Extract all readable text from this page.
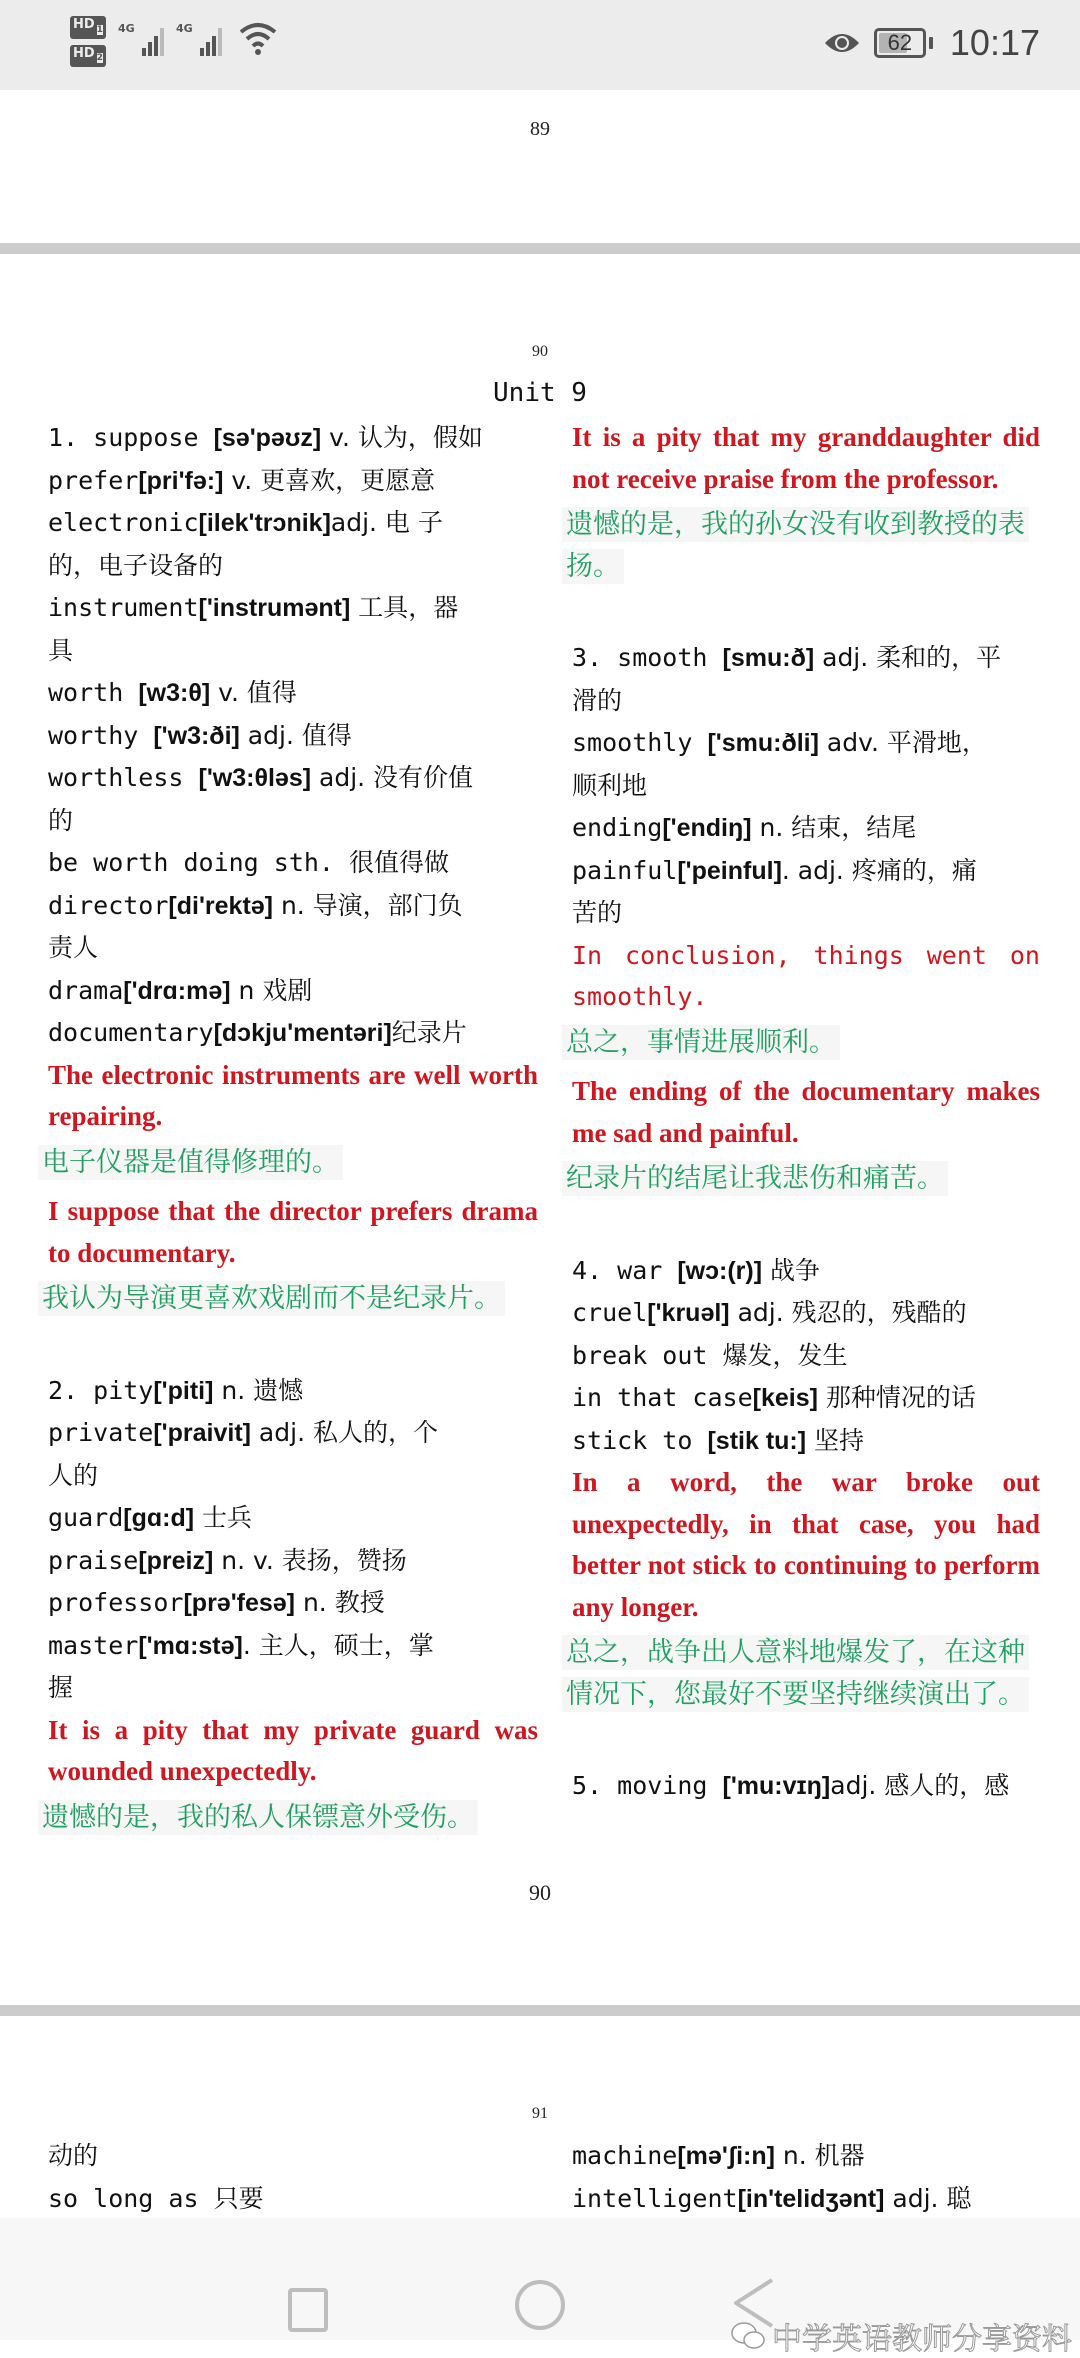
HD $_1$
HD $_2$
4G	4G
62	10:17
89
90
Unit 9
1. suppose [sə'pəʊz] v. 认为，假如
prefer[pri'fə:] v. 更喜欢，更愿意
electronic[ilek'trɔnik]adj. 电 子
的，电子设备的
instrument['instrumənt] 工具，器
具
worth [w3:θ] v. 值得
worthy ['w3:ði] adj. 值得
worthless ['w3:θləs] adj. 没有价值
的
be worth doing sth. 很值得做
director[di'rektə] n. 导演，部门负
责人
drama['drɑ:mə] n 戏剧
documentary[dɔkju'mentəri]纪录片
The electronic instruments are well worth repairing.
电子仪器是值得修理的。
I suppose that the director prefers drama to documentary.
我认为导演更喜欢戏剧而不是纪录片。
2. pity['piti] n. 遗憾
private['praivit] adj. 私人的，个
人的
guard[gɑ:d] 士兵
praise[preiz] n. v. 表扬，赞扬
professor[prə'fesə] n. 教授
master['mɑ:stə]. 主人，硕士，掌
握
It is a pity that my private guard was wounded unexpectedly.
遗憾的是，我的私人保镖意外受伤。
It is a pity that my granddaughter did not receive praise from the professor.
遗憾的是，我的孙女没有收到教授的表扬。
3. smooth [smu:ð] adj. 柔和的，平
滑的
smoothly ['smu:ðli] adv. 平滑地，
顺利地
ending['endiŋ] n. 结束，结尾
painful['peinful]. adj. 疼痛的，痛
苦的
In conclusion, things went on smoothly.
总之，事情进展顺利。
The ending of the documentary makes me sad and painful.
纪录片的结尾让我悲伤和痛苦。
4. war [wɔ:(r)] 战争
cruel['kruəl] adj. 残忍的，残酷的
break out 爆发，发生
in that case[keis] 那种情况的话
stick to [stik tu:] 坚持
In a word, the war broke out unexpectedly, in that case, you had better not stick to continuing to perform any longer.
总之，战争出人意料地爆发了，在这种情况下，您最好不要坚持继续演出了。
5. moving ['mu:vɪŋ]adj. 感人的，感
90
91
动的
so long as 只要
machine[mə'ʃi:n] n. 机器
intelligent[in'telidʒənt] adj. 聪
中学英语教师分享资料
